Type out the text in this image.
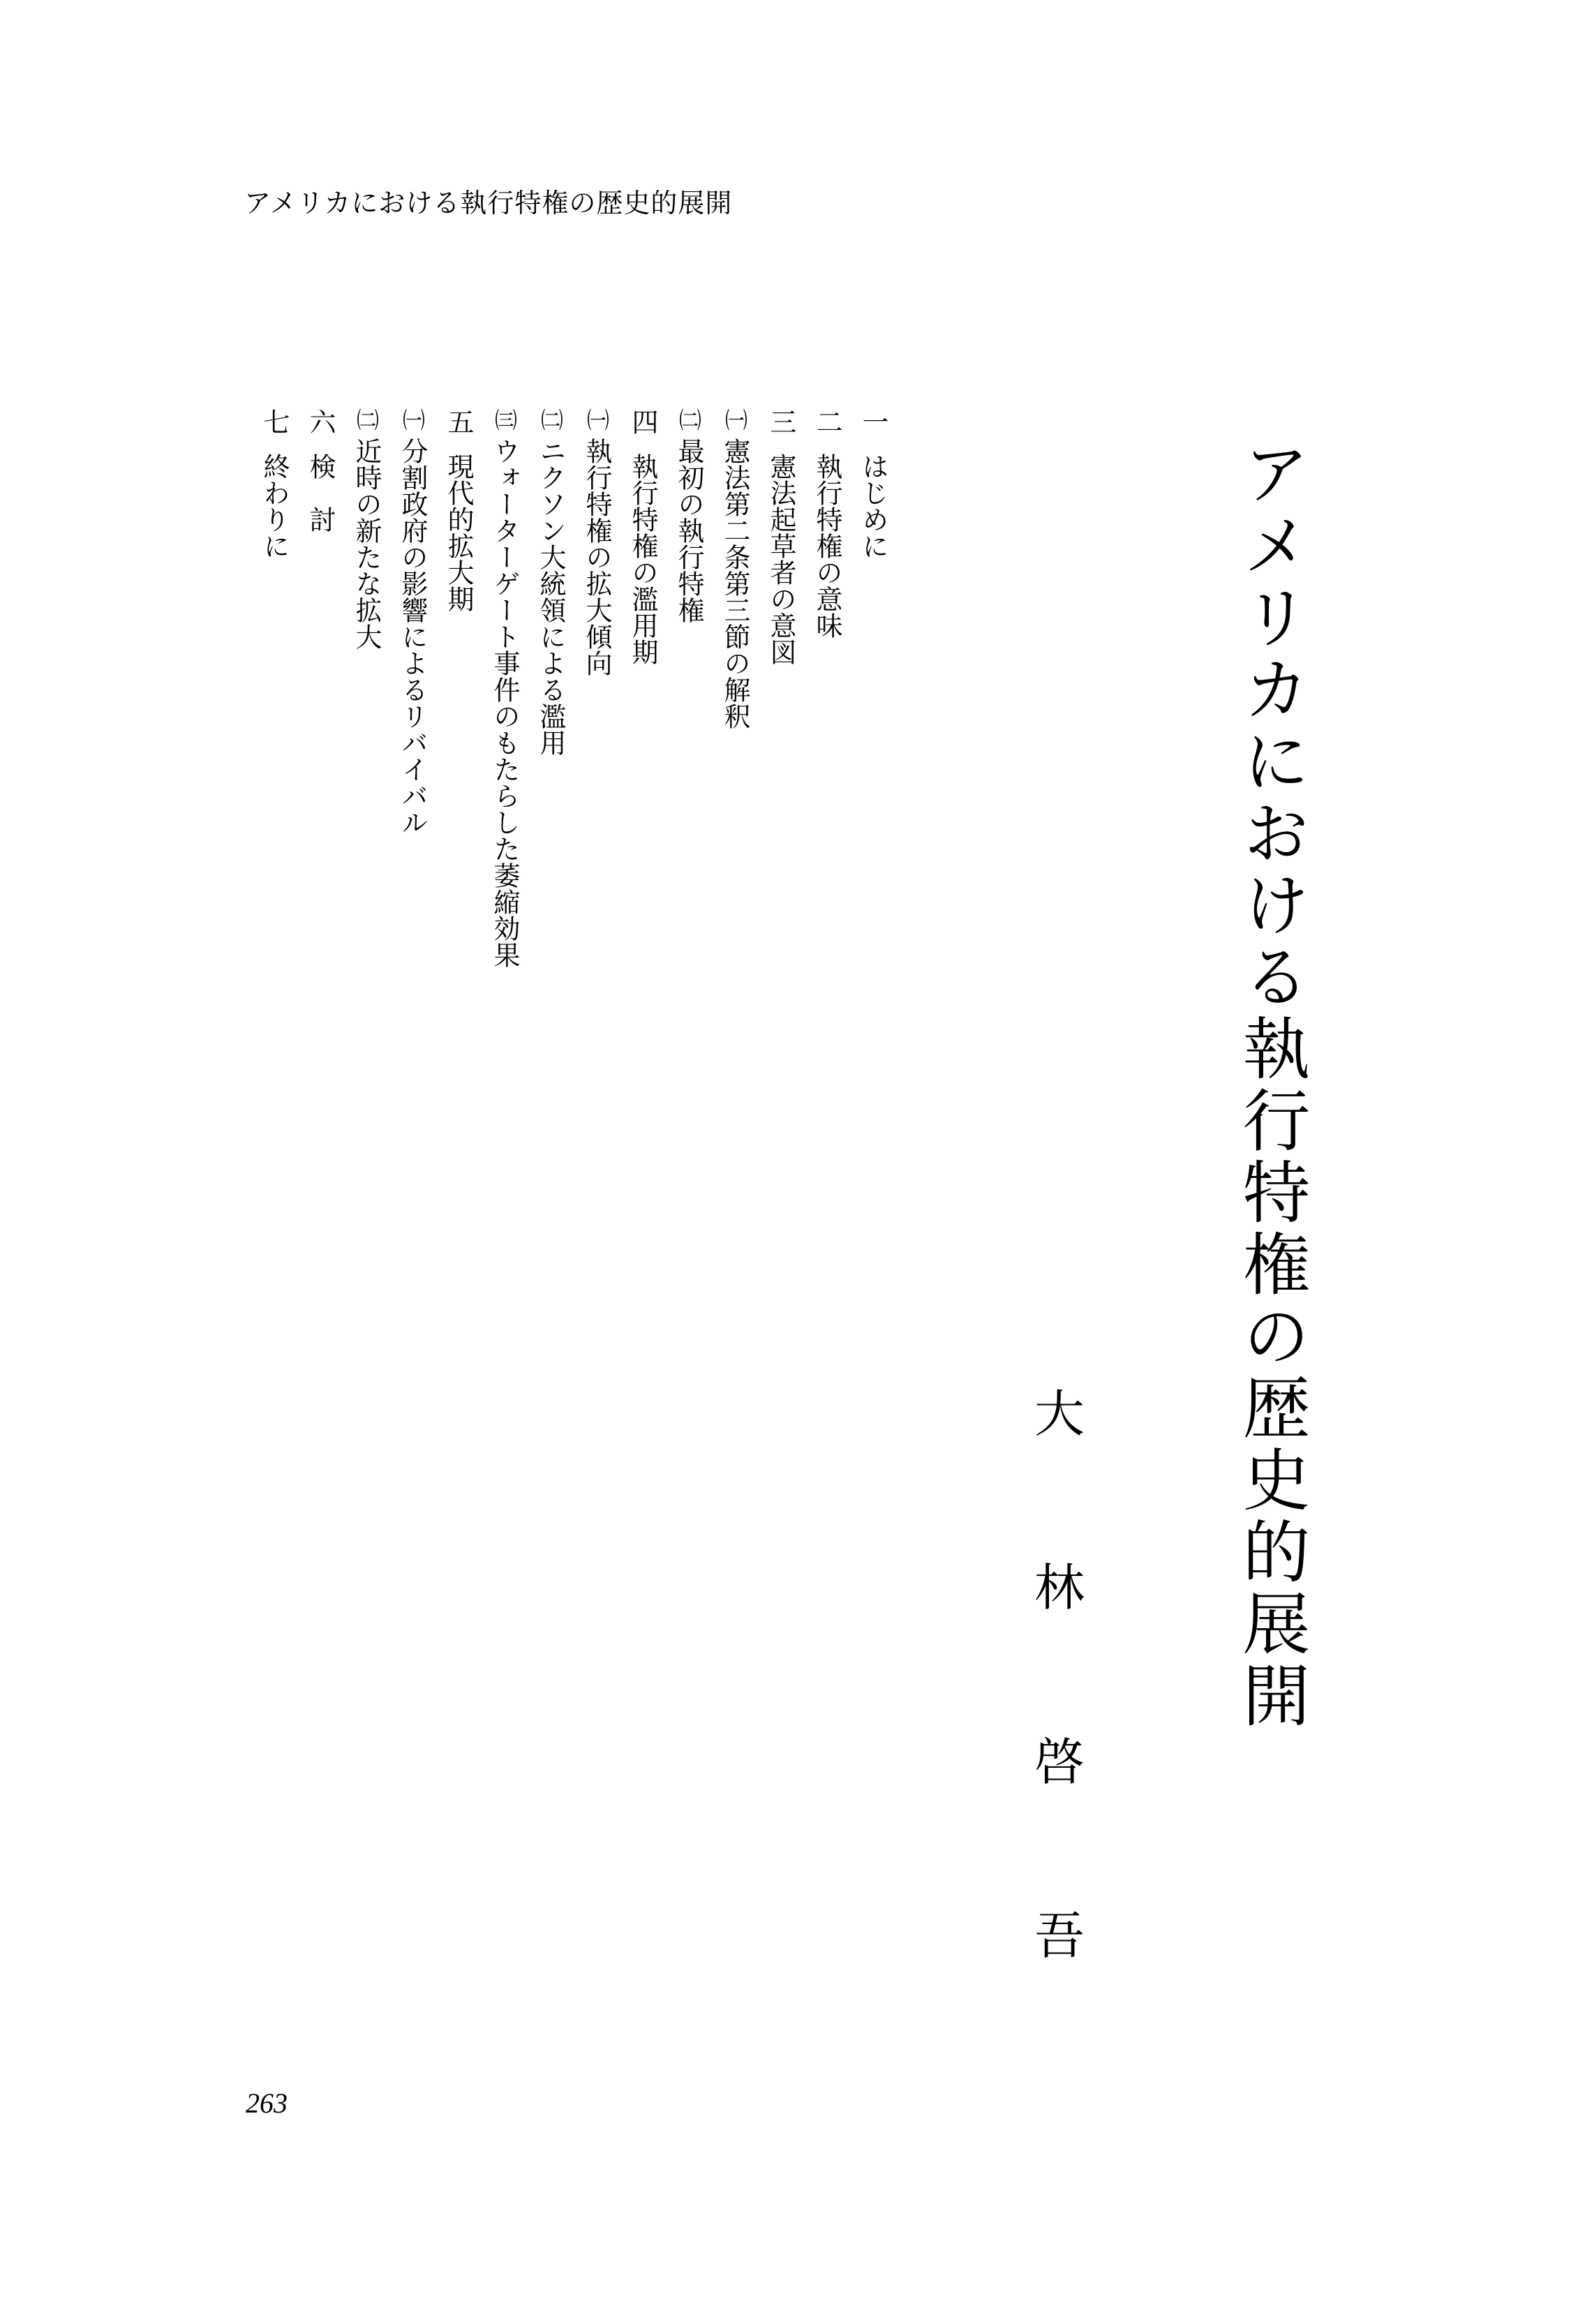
アメリカにおける執行特権の歴史的展開
アメリカにおける執行特権の歴史的展開
大
林
啓
吾
一はじめに
二執行特権の意味
三憲法起草者の意図
㈠憲法第二条第三節の解釈
㈡最初の執行特権
四執行特権の濫用期
㈠執行特権の拡大傾向
㈡ニクソン大統領による濫用
㈢ウォーターゲート事件のもたらした萎縮効果
五現代的拡大期
㈠分割政府の影響によるリバイバル
㈡近時の新たな拡大
六検　討
七終わりに
263
